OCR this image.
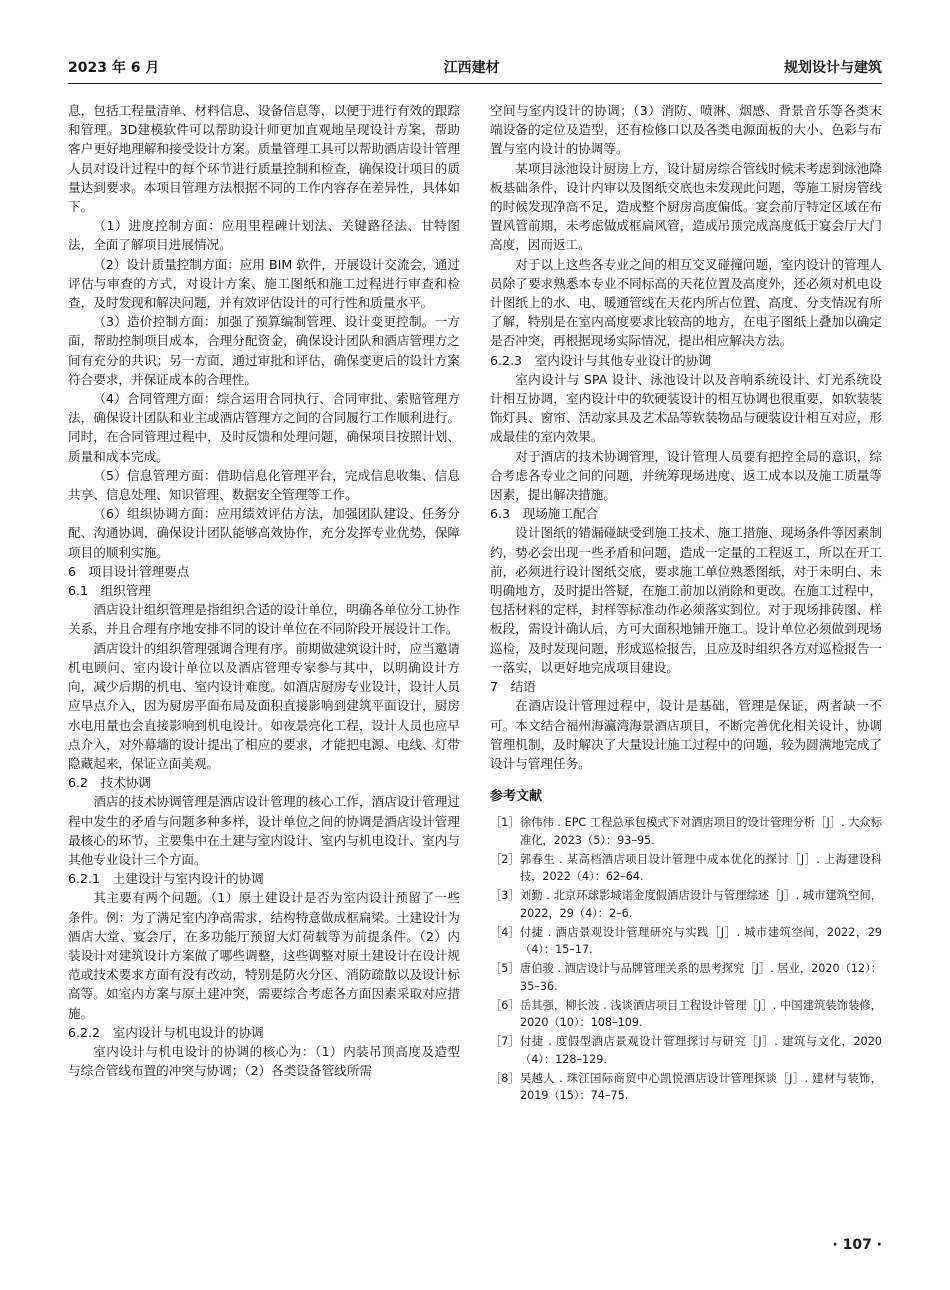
2023 年 6 月	江西建材	规划设计与建筑

息，包括工程量清单、材料信息、设备信息等，以便于进行有效的跟踪和管理。3D建模软件可以帮助设计师更加直观地呈现设计方案，帮助客户更好地理解和接受设计方案。质量管理工具可以帮助酒店设计管理人员对设计过程中的每个环节进行质量控制和检查，确保设计项目的质量达到要求。本项目管理方法根据不同的工作内容存在差异性，具体如下。

（1）进度控制方面：应用里程碑计划法、关键路径法、甘特图法，全面了解项目进展情况。

（2）设计质量控制方面：应用 BIM 软件，开展设计交流会，通过评估与审查的方式，对设计方案、施工图纸和施工过程进行审查和检查，及时发现和解决问题，并有效评估设计的可行性和质量水平。

（3）造价控制方面：加强了预算编制管理、设计变更控制。一方面，帮助控制项目成本，合理分配资金，确保设计团队和酒店管理方之间有充分的共识；另一方面，通过审批和评估，确保变更后的设计方案符合要求，并保证成本的合理性。

（4）合同管理方面：综合运用合同执行、合同审批、索赔管理方法，确保设计团队和业主或酒店管理方之间的合同履行工作顺利进行。同时，在合同管理过程中，及时反馈和处理问题，确保项目按照计划、质量和成本完成。

（5）信息管理方面：借助信息化管理平台，完成信息收集、信息共享、信息处理、知识管理、数据安全管理等工作。

（6）组织协调方面：应用绩效评估方法，加强团队建设、任务分配、沟通协调，确保设计团队能够高效协作，充分发挥专业优势，保障项目的顺利实施。

6　项目设计管理要点
6.1　组织管理

酒店设计组织管理是指组织合适的设计单位，明确各单位分工协作关系，并且合理有序地安排不同的设计单位在不同阶段开展设计工作。

酒店设计的组织管理强调合理有序。前期做建筑设计时，应当邀请机电顾问、室内设计单位以及酒店管理专家参与其中，以明确设计方向，减少后期的机电、室内设计难度。如酒店厨房专业设计，设计人员应早点介入，因为厨房平面布局及面积直接影响到建筑平面设计，厨房水电用量也会直接影响到机电设计。如夜景亮化工程，设计人员也应早点介入，对外幕墙的设计提出了相应的要求，才能把电源、电线、灯带隐藏起来，保证立面美观。

6.2　技术协调

酒店的技术协调管理是酒店设计管理的核心工作，酒店设计管理过程中发生的矛盾与问题多种多样，设计单位之间的协调是酒店设计管理最核心的环节，主要集中在土建与室内设计、室内与机电设计、室内与其他专业设计三个方面。

6.2.1　土建设计与室内设计的协调

其主要有两个问题。（1）原土建设计是否为室内设计预留了一些条件。例：为了满足室内净高需求，结构特意做成框扁梁。土建设计为酒店大堂、宴会厅，在多功能厅预留大灯荷载等为前提条件。（2）内装设计对建筑设计方案做了哪些调整，这些调整对原土建设计在设计规范或技术要求方面有没有改动，特别是防火分区、消防疏散以及设计标高等。如室内方案与原土建冲突，需要综合考虑各方面因素采取对应措施。

6.2.2　室内设计与机电设计的协调

室内设计与机电设计的协调的核心为：（1）内装吊顶高度及造型与综合管线布置的冲突与协调；（2）各类设备管线所需

空间与室内设计的协调；（3）消防、喷淋、烟感、背景音乐等各类末端设备的定位及造型，还有检修口以及各类电源面板的大小、色彩与布置与室内设计的协调等。

某项目泳池设计厨房上方，设计厨房综合管线时候未考虑到泳池降板基础条件，设计内审以及图纸交底也未发现此问题，等施工厨房管线的时候发现净高不足，造成整个厨房高度偏低。宴会前厅特定区域在布置风管前期，未考虑做成框扁风管，造成吊顶完成高度低于宴会厅大门高度，因而返工。

对于以上这些各专业之间的相互交叉碰撞问题，室内设计的管理人员除了要求熟悉本专业不同标高的天花位置及高度外，还必须对机电设计图纸上的水、电、暖通管线在天花内所占位置、高度、分支情况有所了解，特别是在室内高度要求比较高的地方，在电子图纸上叠加以确定是否冲突，再根据现场实际情况，提出相应解决方法。

6.2.3　室内设计与其他专业设计的协调

室内设计与 SPA 设计、泳池设计以及音响系统设计、灯光系统设计相互协调，室内设计中的软硬装设计的相互协调也很重要，如软装装饰灯具、窗帘、活动家具及艺术品等软装物品与硬装设计相互对应，形成最佳的室内效果。

对于酒店的技术协调管理，设计管理人员要有把控全局的意识，综合考虑各专业之间的问题，并统筹现场进度、返工成本以及施工质量等因素，提出解决措施。

6.3　现场施工配合

设计图纸的错漏碰缺受到施工技术、施工措施、现场条件等因素制约，势必会出现一些矛盾和问题，造成一定量的工程返工，所以在开工前，必须进行设计图纸交底，要求施工单位熟悉图纸，对于未明白、未明确地方，及时提出答疑，在施工前加以消除和更改。在施工过程中，包括材料的定样，封样等标准动作必须落实到位。对于现场排砖图、样板段，需设计确认后，方可大面积地铺开施工。设计单位必须做到现场巡检，及时发现问题，形成巡检报告，且应及时组织各方对巡检报告一一落实，以更好地完成项目建设。

7　结语

在酒店设计管理过程中，设计是基础，管理是保证，两者缺一不可。本文结合福州海瀛湾海景酒店项目，不断完善优化相关设计、协调管理机制，及时解决了大量设计施工过程中的问题，较为圆满地完成了设计与管理任务。

参考文献
［1］ 徐伟伟 . EPC 工程总承包模式下对酒店项目的设计管理分析［J］. 大众标准化，2023（5）：93–95.
［2］ 郭春生 . 某高档酒店项目设计管理中成本优化的探讨［J］. 上海建设科技，2022（4）：62–64.
［3］ 刘勤 . 北京环球影城诺金度假酒店设计与管理综述［J］. 城市建筑空间，2022，29（4）：2–6.
［4］ 付捷 . 酒店景观设计管理研究与实践［J］. 城市建筑空间，2022，29（4）：15–17.
［5］ 唐伯骏 . 酒店设计与品牌管理关系的思考探究［J］. 居业，2020（12）：35–36.
［6］ 岳其强，柳长波 . 浅谈酒店项目工程设计管理［J］. 中国建筑装饰装修，2020（10）：108–109.
［7］ 付捷 . 度假型酒店景观设计管理探讨与研究［J］. 建筑与文化，2020（4）：128–129.
［8］ 吴越人 . 珠江国际商贸中心凯悦酒店设计管理探谈［J］. 建材与装饰，2019（15）：74–75.
· 107 ·
